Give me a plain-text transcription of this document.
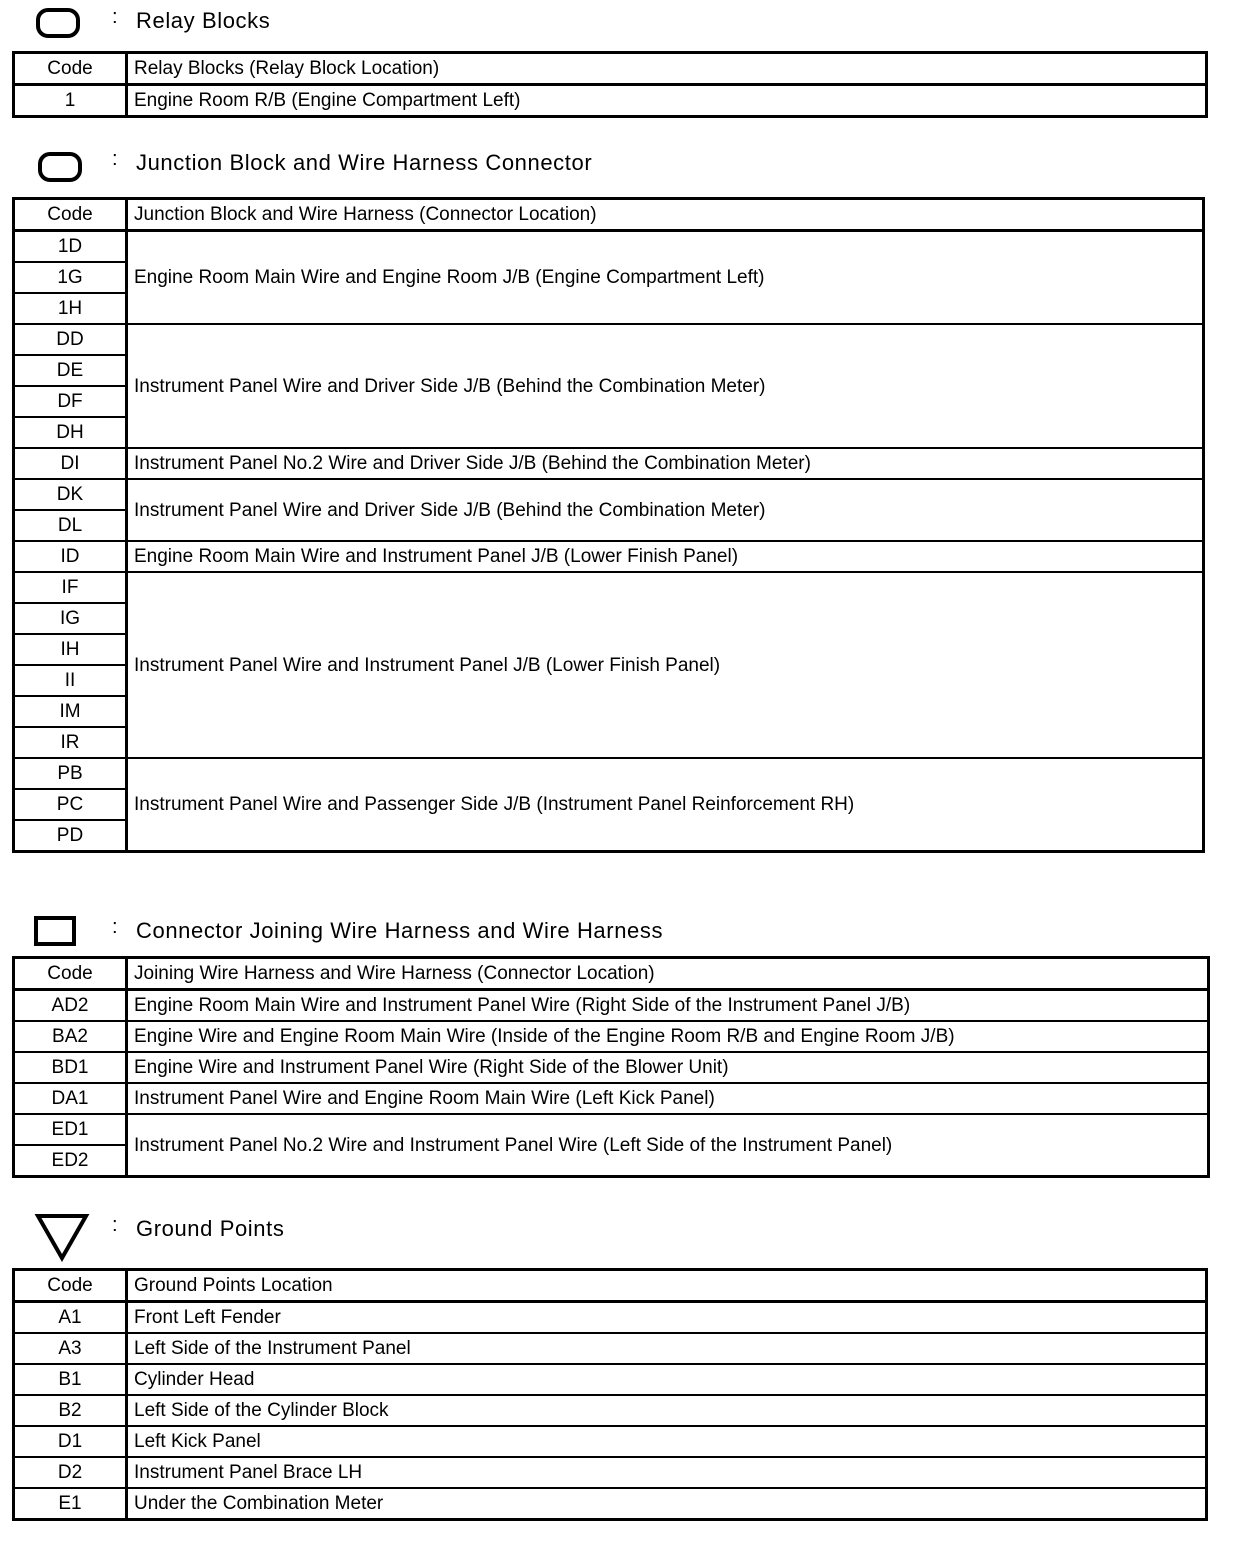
: Relay Blocks
Code	Relay Blocks (Relay Block Location)
1	Engine Room R/B (Engine Compartment Left)
: Junction Block and Wire Harness Connector
Code	Junction Block and Wire Harness (Connector Location)
1D	Engine Room Main Wire and Engine Room J/B (Engine Compartment Left)
1G	
1H	
DD	Instrument Panel Wire and Driver Side J/B (Behind the Combination Meter)
DE	
DF	
DH	
DI	Instrument Panel No.2 Wire and Driver Side J/B (Behind the Combination Meter)
DK	Instrument Panel Wire and Driver Side J/B (Behind the Combination Meter)
DL	
ID	Engine Room Main Wire and Instrument Panel J/B (Lower Finish Panel)
IF	Instrument Panel Wire and Instrument Panel J/B (Lower Finish Panel)
IG	
IH	
II	
IM	
IR	
PB	Instrument Panel Wire and Passenger Side J/B (Instrument Panel Reinforcement RH)
PC	
PD	
: Connector Joining Wire Harness and Wire Harness
Code	Joining Wire Harness and Wire Harness (Connector Location)
AD2	Engine Room Main Wire and Instrument Panel Wire (Right Side of the Instrument Panel J/B)
BA2	Engine Wire and Engine Room Main Wire (Inside of the Engine Room R/B and Engine Room J/B)
BD1	Engine Wire and Instrument Panel Wire (Right Side of the Blower Unit)
DA1	Instrument Panel Wire and Engine Room Main Wire (Left Kick Panel)
ED1	Instrument Panel No.2 Wire and Instrument Panel Wire (Left Side of the Instrument Panel)
ED2	
: Ground Points
Code	Ground Points Location
A1	Front Left Fender
A3	Left Side of the Instrument Panel
B1	Cylinder Head
B2	Left Side of the Cylinder Block
D1	Left Kick Panel
D2	Instrument Panel Brace LH
E1	Under the Combination Meter
